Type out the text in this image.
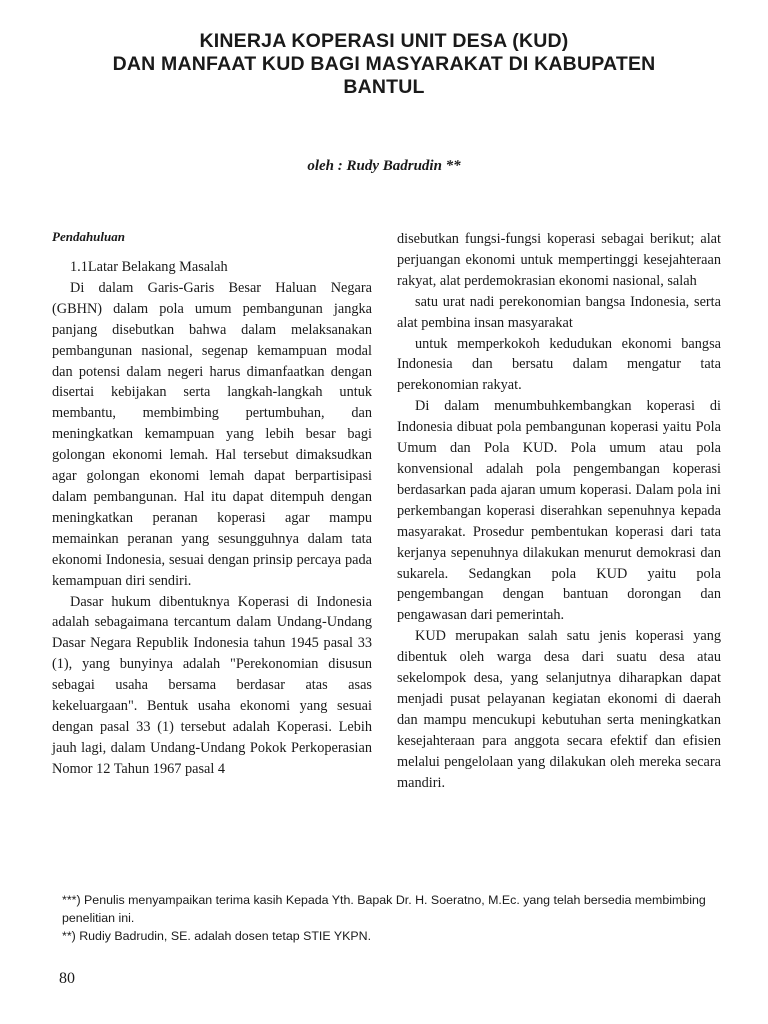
KINERJA KOPERASI UNIT DESA (KUD)
DAN MANFAAT KUD BAGI MASYARAKAT DI KABUPATEN
BANTUL
oleh : Rudy Badrudin **

Pendahuluan

1.1Latar Belakang Masalah

Di dalam Garis-Garis Besar Haluan Negara (GBHN) dalam pola umum pembangunan jangka panjang disebutkan bahwa dalam melaksanakan pembangunan nasional, segenap kemampuan modal dan potensi dalam negeri harus dimanfaatkan dengan disertai kebijakan serta langkah-langkah untuk membantu, membimbing pertumbuhan, dan meningkatkan kemampuan yang lebih besar bagi golongan ekonomi lemah. Hal tersebut dimaksudkan agar golongan ekonomi lemah dapat berpartisipasi dalam pembangunan. Hal itu dapat ditempuh dengan meningkatkan peranan koperasi agar mampu memainkan peranan yang sesungguhnya dalam tata ekonomi Indonesia, sesuai dengan prinsip percaya pada kemampuan diri sendiri.

Dasar hukum dibentuknya Koperasi di Indonesia adalah sebagaimana tercantum dalam Undang-Undang Dasar Negara Republik Indonesia tahun 1945 pasal 33 (1), yang bunyinya adalah "Perekonomian disusun sebagai usaha bersama berdasar atas asas kekeluargaan". Bentuk usaha ekonomi yang sesuai dengan pasal 33 (1) tersebut adalah Koperasi. Lebih jauh lagi, dalam Undang-Undang Pokok Perkoperasian Nomor 12 Tahun 1967 pasal 4

disebutkan fungsi-fungsi koperasi sebagai berikut; alat perjuangan ekonomi untuk mempertinggi kesejahteraan rakyat, alat perdemokrasian ekonomi nasional, salah

satu urat nadi perekonomian bangsa Indonesia, serta alat pembina insan masyarakat

untuk memperkokoh kedudukan ekonomi bangsa Indonesia dan bersatu dalam mengatur tata perekonomian rakyat.

Di dalam menumbuhkembangkan koperasi di Indonesia dibuat pola pembangunan koperasi yaitu Pola Umum dan Pola KUD. Pola umum atau pola konvensional adalah pola pengembangan koperasi berdasarkan pada ajaran umum koperasi. Dalam pola ini perkembangan koperasi diserahkan sepenuhnya kepada masyarakat. Prosedur pembentukan koperasi dari tata kerjanya sepenuhnya dilakukan menurut demokrasi dan sukarela. Sedangkan pola KUD yaitu pola pengembangan dengan bantuan dorongan dan pengawasan dari pemerintah.

KUD merupakan salah satu jenis koperasi yang dibentuk oleh warga desa dari suatu desa atau sekelompok desa, yang selanjutnya diharapkan dapat menjadi pusat pelayanan kegiatan ekonomi di daerah dan mampu mencukupi kebutuhan serta meningkatkan kesejahteraan para anggota secara efektif dan efisien melalui pengelolaan yang dilakukan oleh mereka secara mandiri.

***) Penulis menyampaikan terima kasih Kepada Yth. Bapak Dr. H. Soeratno, M.Ec. yang telah bersedia membimbing penelitian ini.

**) Rudiy Badrudin, SE. adalah dosen tetap STIE YKPN.

80
